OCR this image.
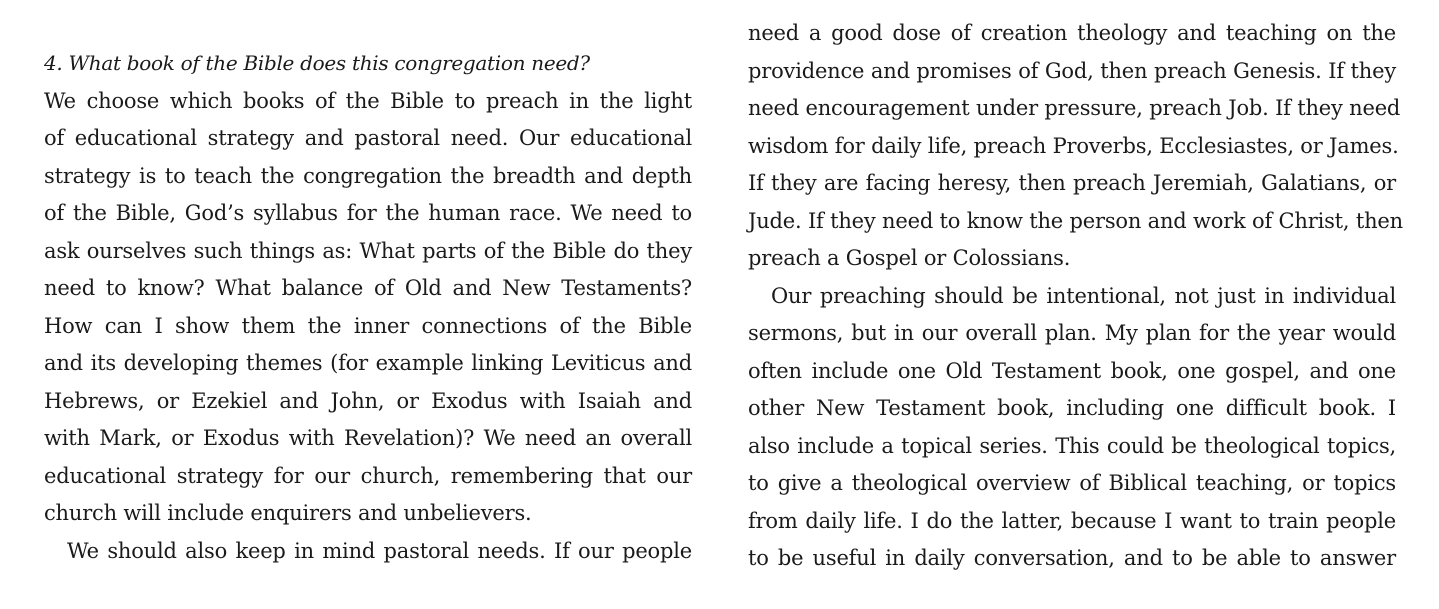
4. What book of the Bible does this congregation need?
We choose which books of the Bible to preach in the light
of educational strategy and pastoral need. Our educational
strategy is to teach the congregation the breadth and depth
of the Bible, God’s syllabus for the human race. We need to
ask ourselves such things as: What parts of the Bible do they
need to know? What balance of Old and New Testaments?
How can I show them the inner connections of the Bible
and its developing themes (for example linking Leviticus and
Hebrews, or Ezekiel and John, or Exodus with Isaiah and
with Mark, or Exodus with Revelation)? We need an overall
educational strategy for our church, remembering that our
church will include enquirers and unbelievers.
We should also keep in mind pastoral needs. If our people
need a good dose of creation theology and teaching on the
providence and promises of God, then preach Genesis. If they
need encouragement under pressure, preach Job. If they need
wisdom for daily life, preach Proverbs, Ecclesiastes, or James.
If they are facing heresy, then preach Jeremiah, Galatians, or
Jude. If they need to know the person and work of Christ, then
preach a Gospel or Colossians.
Our preaching should be intentional, not just in individual
sermons, but in our overall plan. My plan for the year would
often include one Old Testament book, one gospel, and one
other New Testament book, including one difficult book. I
also include a topical series. This could be theological topics,
to give a theological overview of Biblical teaching, or topics
from daily life. I do the latter, because I want to train people
to be useful in daily conversation, and to be able to answer
